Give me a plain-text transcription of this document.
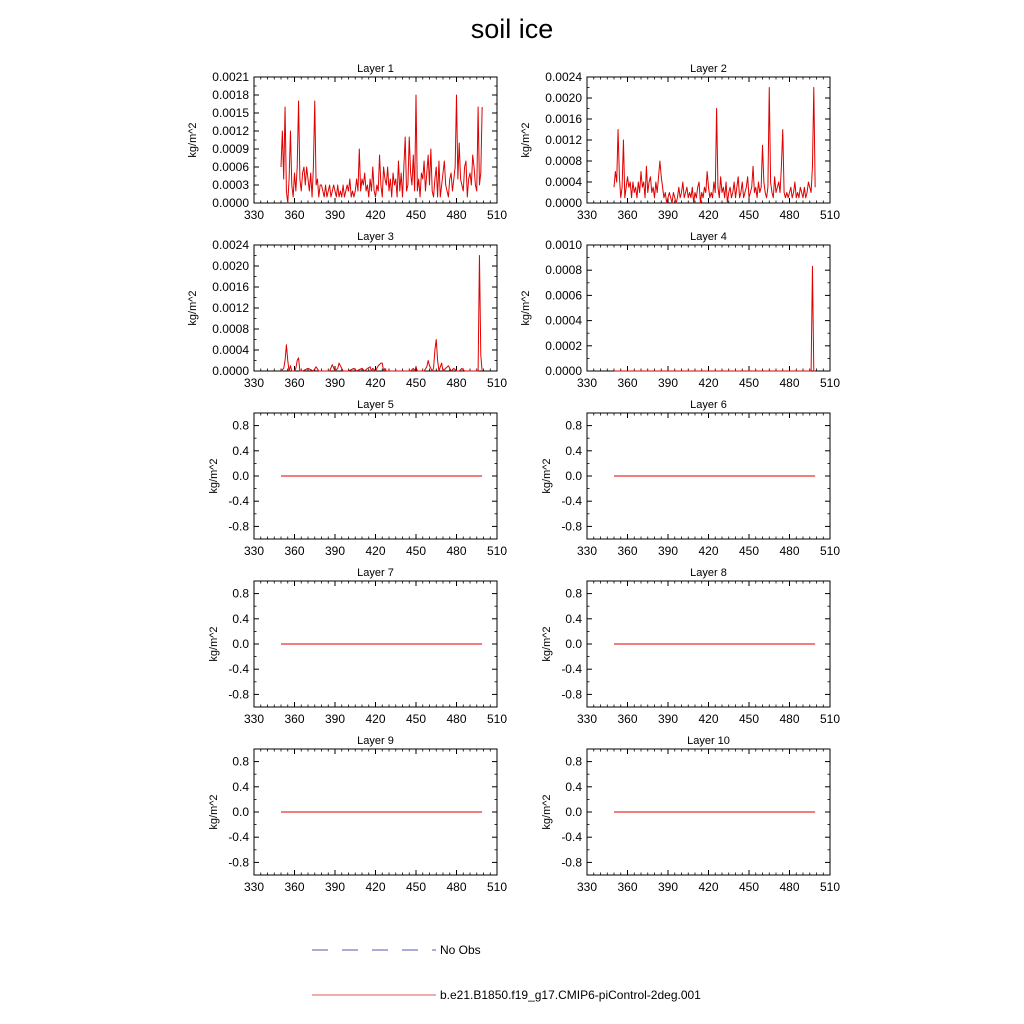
soil ice
Layer 1
kg/m^2
330 360 390 420 450 480 510
0.0000
0.0003
0.0006
0.0009
0.0012
0.0015
0.0018
0.0021
Layer 2
kg/m^2
330 360 390 420 450 480 510
0.0000
0.0004
0.0008
0.0012
0.0016
0.0020
0.0024
Layer 3
kg/m^2
330 360 390 420 450 480 510
0.0000
0.0004
0.0008
0.0012
0.0016
0.0020
0.0024
Layer 4
kg/m^2
330 360 390 420 450 480 510
0.0000
0.0002
0.0004
0.0006
0.0008
0.0010
Layer 5
kg/m^2
330 360 390 420 450 480 510
-0.8
-0.4
0.0
0.4
0.8
Layer 6
kg/m^2
330 360 390 420 450 480 510
-0.8
-0.4
0.0
0.4
0.8
Layer 7
kg/m^2
330 360 390 420 450 480 510
-0.8
-0.4
0.0
0.4
0.8
Layer 8
kg/m^2
330 360 390 420 450 480 510
-0.8
-0.4
0.0
0.4
0.8
Layer 9
kg/m^2
330 360 390 420 450 480 510
-0.8
-0.4
0.0
0.4
0.8
Layer 10
kg/m^2
330 360 390 420 450 480 510
-0.8
-0.4
0.0
0.4
0.8
No Obs
b.e21.B1850.f19_g17.CMIP6-piControl-2deg.001
